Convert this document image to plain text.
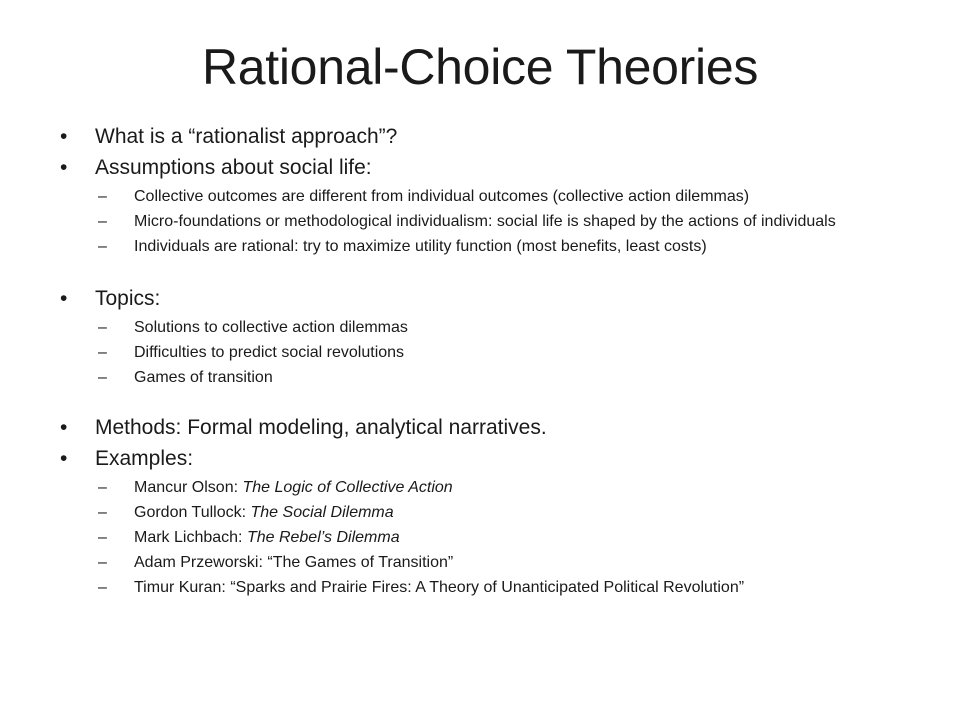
Rational-Choice Theories
• What is a “rationalist approach”?
• Assumptions about social life:
– Collective outcomes are different from individual outcomes (collective action dilemmas)
– Micro-foundations or methodological individualism: social life is shaped by the actions of individuals
– Individuals are rational: try to maximize utility function (most benefits, least costs)
• Topics:
– Solutions to collective action dilemmas
– Difficulties to predict social revolutions
– Games of transition
• Methods: Formal modeling, analytical narratives.
• Examples:
– Mancur Olson: The Logic of Collective Action
– Gordon Tullock: The Social Dilemma
– Mark Lichbach: The Rebel’s Dilemma
– Adam Przeworski: “The Games of Transition”
– Timur Kuran: “Sparks and Prairie Fires: A Theory of Unanticipated Political Revolution”
